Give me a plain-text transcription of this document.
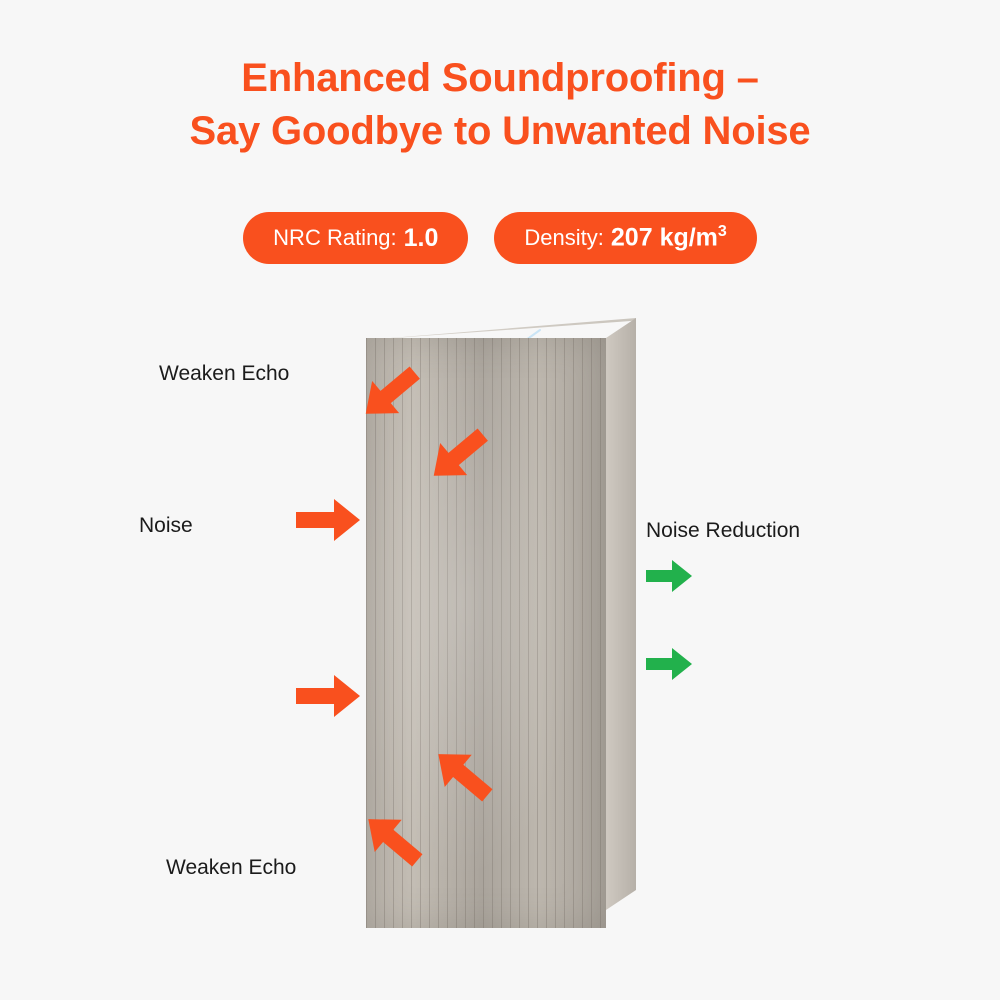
Enhanced Soundproofing –
Say Goodbye to Unwanted Noise
NRC Rating: 1.0	Density: 207 $kg/m^3$
Weaken Echo
Noise
Weaken Echo
Noise Reduction
